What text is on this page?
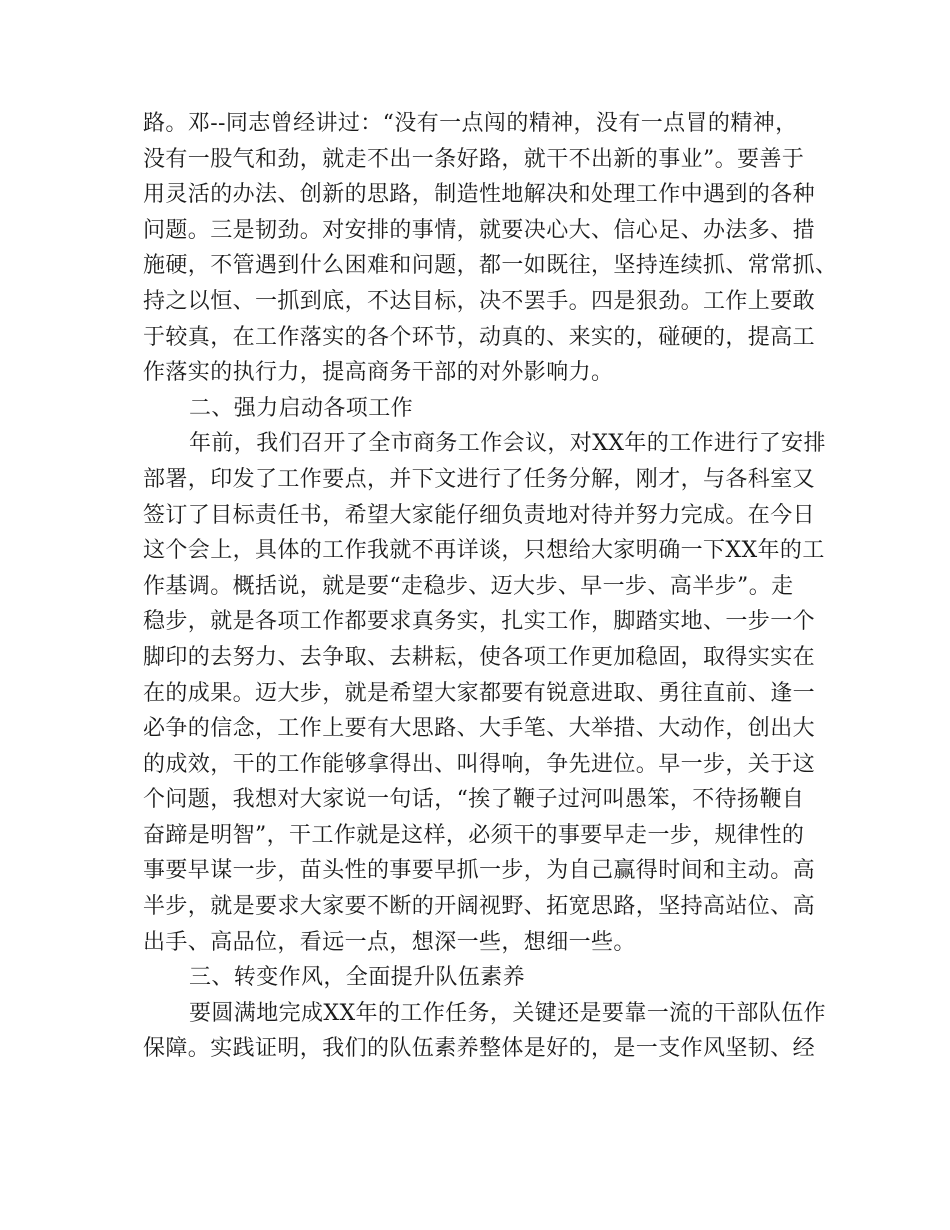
路。邓--同志曾经讲过：“没有一点闯的精神，没有一点冒的精神，
没有一股气和劲，就走不出一条好路，就干不出新的事业”。要善于
用灵活的办法、创新的思路，制造性地解决和处理工作中遇到的各种
问题。三是韧劲。对安排的事情，就要决心大、信心足、办法多、措
施硬，不管遇到什么困难和问题，都一如既往，坚持连续抓、常常抓、
持之以恒、一抓到底，不达目标，决不罢手。四是狠劲。工作上要敢
于较真，在工作落实的各个环节，动真的、来实的，碰硬的，提高工
作落实的执行力，提高商务干部的对外影响力。
二、强力启动各项工作
年前，我们召开了全市商务工作会议，对XX年的工作进行了安排
部署，印发了工作要点，并下文进行了任务分解，刚才，与各科室又
签订了目标责任书，希望大家能仔细负责地对待并努力完成。在今日
这个会上，具体的工作我就不再详谈，只想给大家明确一下XX年的工
作基调。概括说，就是要“走稳步、迈大步、早一步、高半步”。走
稳步，就是各项工作都要求真务实，扎实工作，脚踏实地、一步一个
脚印的去努力、去争取、去耕耘，使各项工作更加稳固，取得实实在
在的成果。迈大步，就是希望大家都要有锐意进取、勇往直前、逢一
必争的信念，工作上要有大思路、大手笔、大举措、大动作，创出大
的成效，干的工作能够拿得出、叫得响，争先进位。早一步，关于这
个问题，我想对大家说一句话，“挨了鞭子过河叫愚笨，不待扬鞭自
奋蹄是明智”，干工作就是这样，必须干的事要早走一步，规律性的
事要早谋一步，苗头性的事要早抓一步，为自己赢得时间和主动。高
半步，就是要求大家要不断的开阔视野、拓宽思路，坚持高站位、高
出手、高品位，看远一点，想深一些，想细一些。
三、转变作风，全面提升队伍素养
要圆满地完成XX年的工作任务，关键还是要靠一流的干部队伍作
保障。实践证明，我们的队伍素养整体是好的，是一支作风坚韧、经
